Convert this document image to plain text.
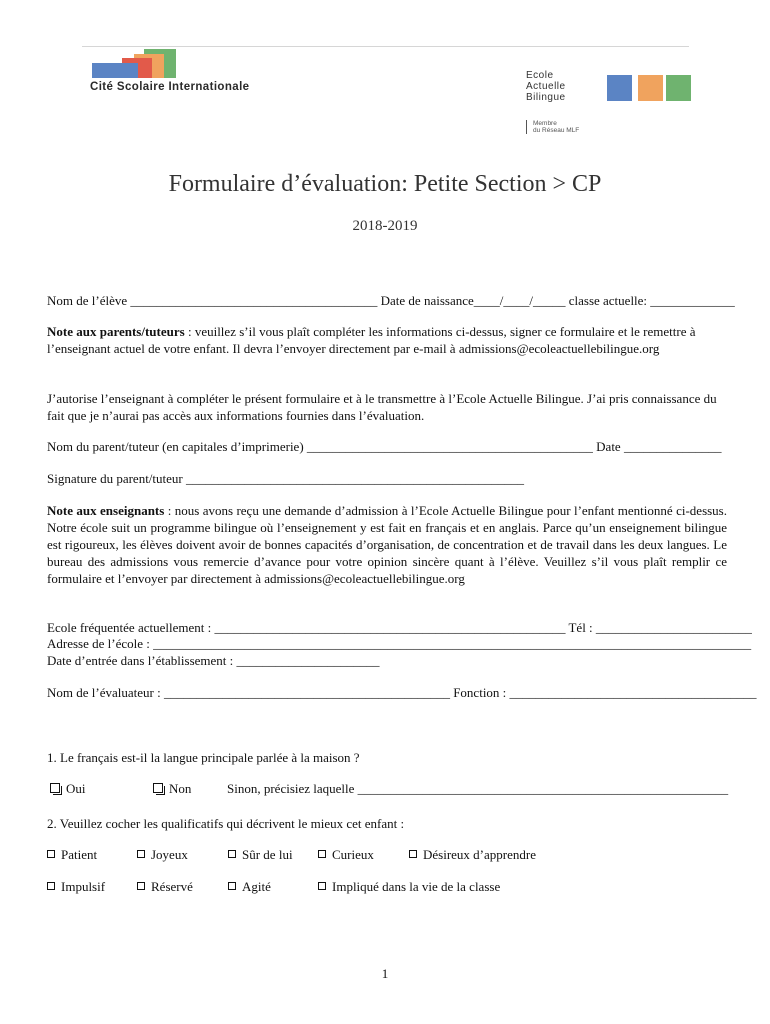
Cité Scolaire Internationale
Ecole
Actuelle
Bilingue
Membre
du Réseau MLF
Formulaire d’évaluation: Petite Section > CP
2018-2019
Nom de l’élève ______________________________________ Date de naissance____/____/_____ classe actuelle: _____________
Note aux parents/tuteurs : veuillez s’il vous plaît compléter les informations ci-dessus, signer ce formulaire et le remettre à l’enseignant actuel de votre enfant. Il devra l’envoyer directement par e-mail à admissions@ecoleactuellebilingue.org
J’autorise l’enseignant à compléter le présent formulaire et à le transmettre à l’Ecole Actuelle Bilingue. J’ai pris connaissance du fait que je n’aurai pas accès aux informations fournies dans l’évaluation.
Nom du parent/tuteur (en capitales d’imprimerie) ____________________________________________ Date _______________
Signature du parent/tuteur ____________________________________________________
Note aux enseignants : nous avons reçu une demande d’admission à l’Ecole Actuelle Bilingue pour l’enfant mentionné ci-dessus. Notre école suit un programme bilingue où l’enseignement y est fait en français et en anglais. Parce qu’un enseignement bilingue est rigoureux, les élèves doivent avoir de bonnes capacités d’organisation, de concentration et de travail dans les deux langues. Le bureau des admissions vous remercie d’avance pour votre opinion sincère quant à l’élève. Veuillez s’il vous plaît remplir ce formulaire et l’envoyer par directement à admissions@ecoleactuellebilingue.org
Ecole fréquentée actuellement : ______________________________________________________ Tél : ________________________
Adresse de l’école : ____________________________________________________________________________________________
Date d’entrée dans l’établissement : ______________________
Nom de l’évaluateur : ____________________________________________ Fonction : ______________________________________
1. Le français est-il la langue principale parlée à la maison ?
Oui	Non	Sinon, précisiez laquelle _________________________________________________________
2. Veuillez cocher les qualificatifs qui décrivent le mieux cet enfant :
Patient	Joyeux	Sûr de lui	Curieux	Désireux d’apprendre
Impulsif	Réservé	Agité	Impliqué dans la vie de la classe
1
